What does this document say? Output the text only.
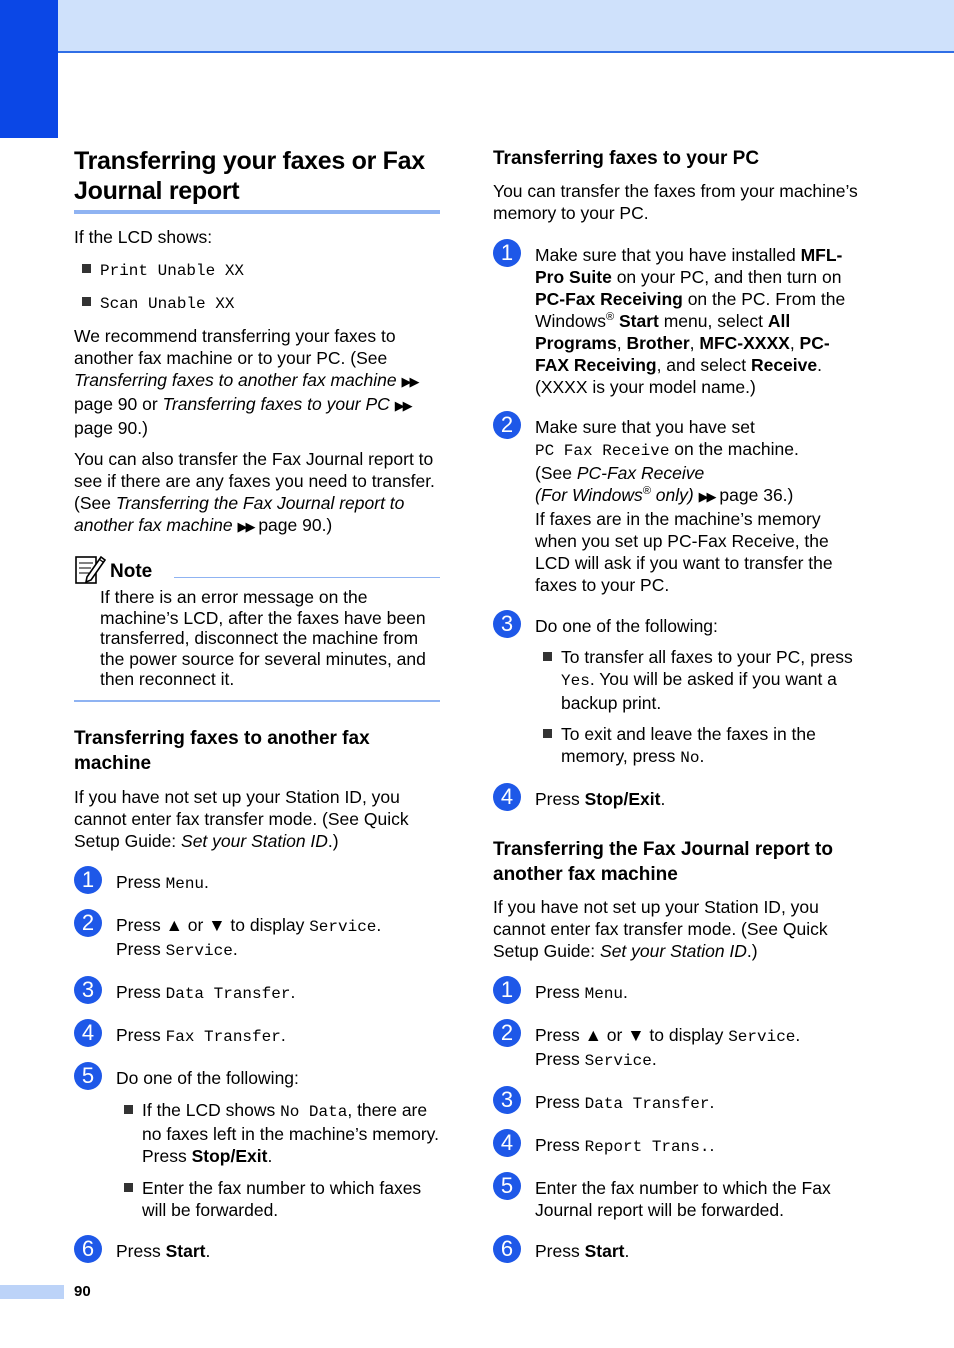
Transferring your faxes or Fax Journal report

If the LCD shows:

Print Unable XX
Scan Unable XX

We recommend transferring your faxes to another fax machine or to your PC. (See Transferring faxes to another fax machine ▶▶ page 90 or Transferring faxes to your PC ▶▶ page 90.)

You can also transfer the Fax Journal report to see if there are any faxes you need to transfer. (See Transferring the Fax Journal report to another fax machine ▶▶ page 90.)

Note

If there is an error message on the machine’s LCD, after the faxes have been transferred, disconnect the machine from the power source for several minutes, and then reconnect it.

Transferring faxes to another fax machine

If you have not set up your Station ID, you cannot enter fax transfer mode. (See Quick Setup Guide: Set your Station ID.)

1	Press Menu.
2	Press ▲ or ▼ to display Service.
Press Service.
3	Press Data Transfer.
4	Press Fax Transfer.
5	Do one of the following:
If the LCD shows No Data, there are no faxes left in the machine’s memory. Press Stop/Exit.
Enter the fax number to which faxes will be forwarded.
6	Press Start.
Transferring faxes to your PC

You can transfer the faxes from your machine’s memory to your PC.

1	Make sure that you have installed MFL-Pro Suite on your PC, and then turn on PC-Fax Receiving on the PC. From the Windows® Start menu, select All Programs, Brother, MFC-XXXX, PC-FAX Receiving, and select Receive. (XXXX is your model name.)
2	Make sure that you have set
PC Fax Receive on the machine.
(See PC-Fax Receive
(For Windows® only) ▶▶ page 36.)
If faxes are in the machine’s memory when you set up PC-Fax Receive, the LCD will ask if you want to transfer the faxes to your PC.
3	Do one of the following:
To transfer all faxes to your PC, press Yes. You will be asked if you want a backup print.
To exit and leave the faxes in the memory, press No.
4	Press Stop/Exit.
Transferring the Fax Journal report to another fax machine

If you have not set up your Station ID, you cannot enter fax transfer mode. (See Quick Setup Guide: Set your Station ID.)

1	Press Menu.
2	Press ▲ or ▼ to display Service.
Press Service.
3	Press Data Transfer.
4	Press Report Trans..
5	Enter the fax number to which the Fax Journal report will be forwarded.
6	Press Start.
90
